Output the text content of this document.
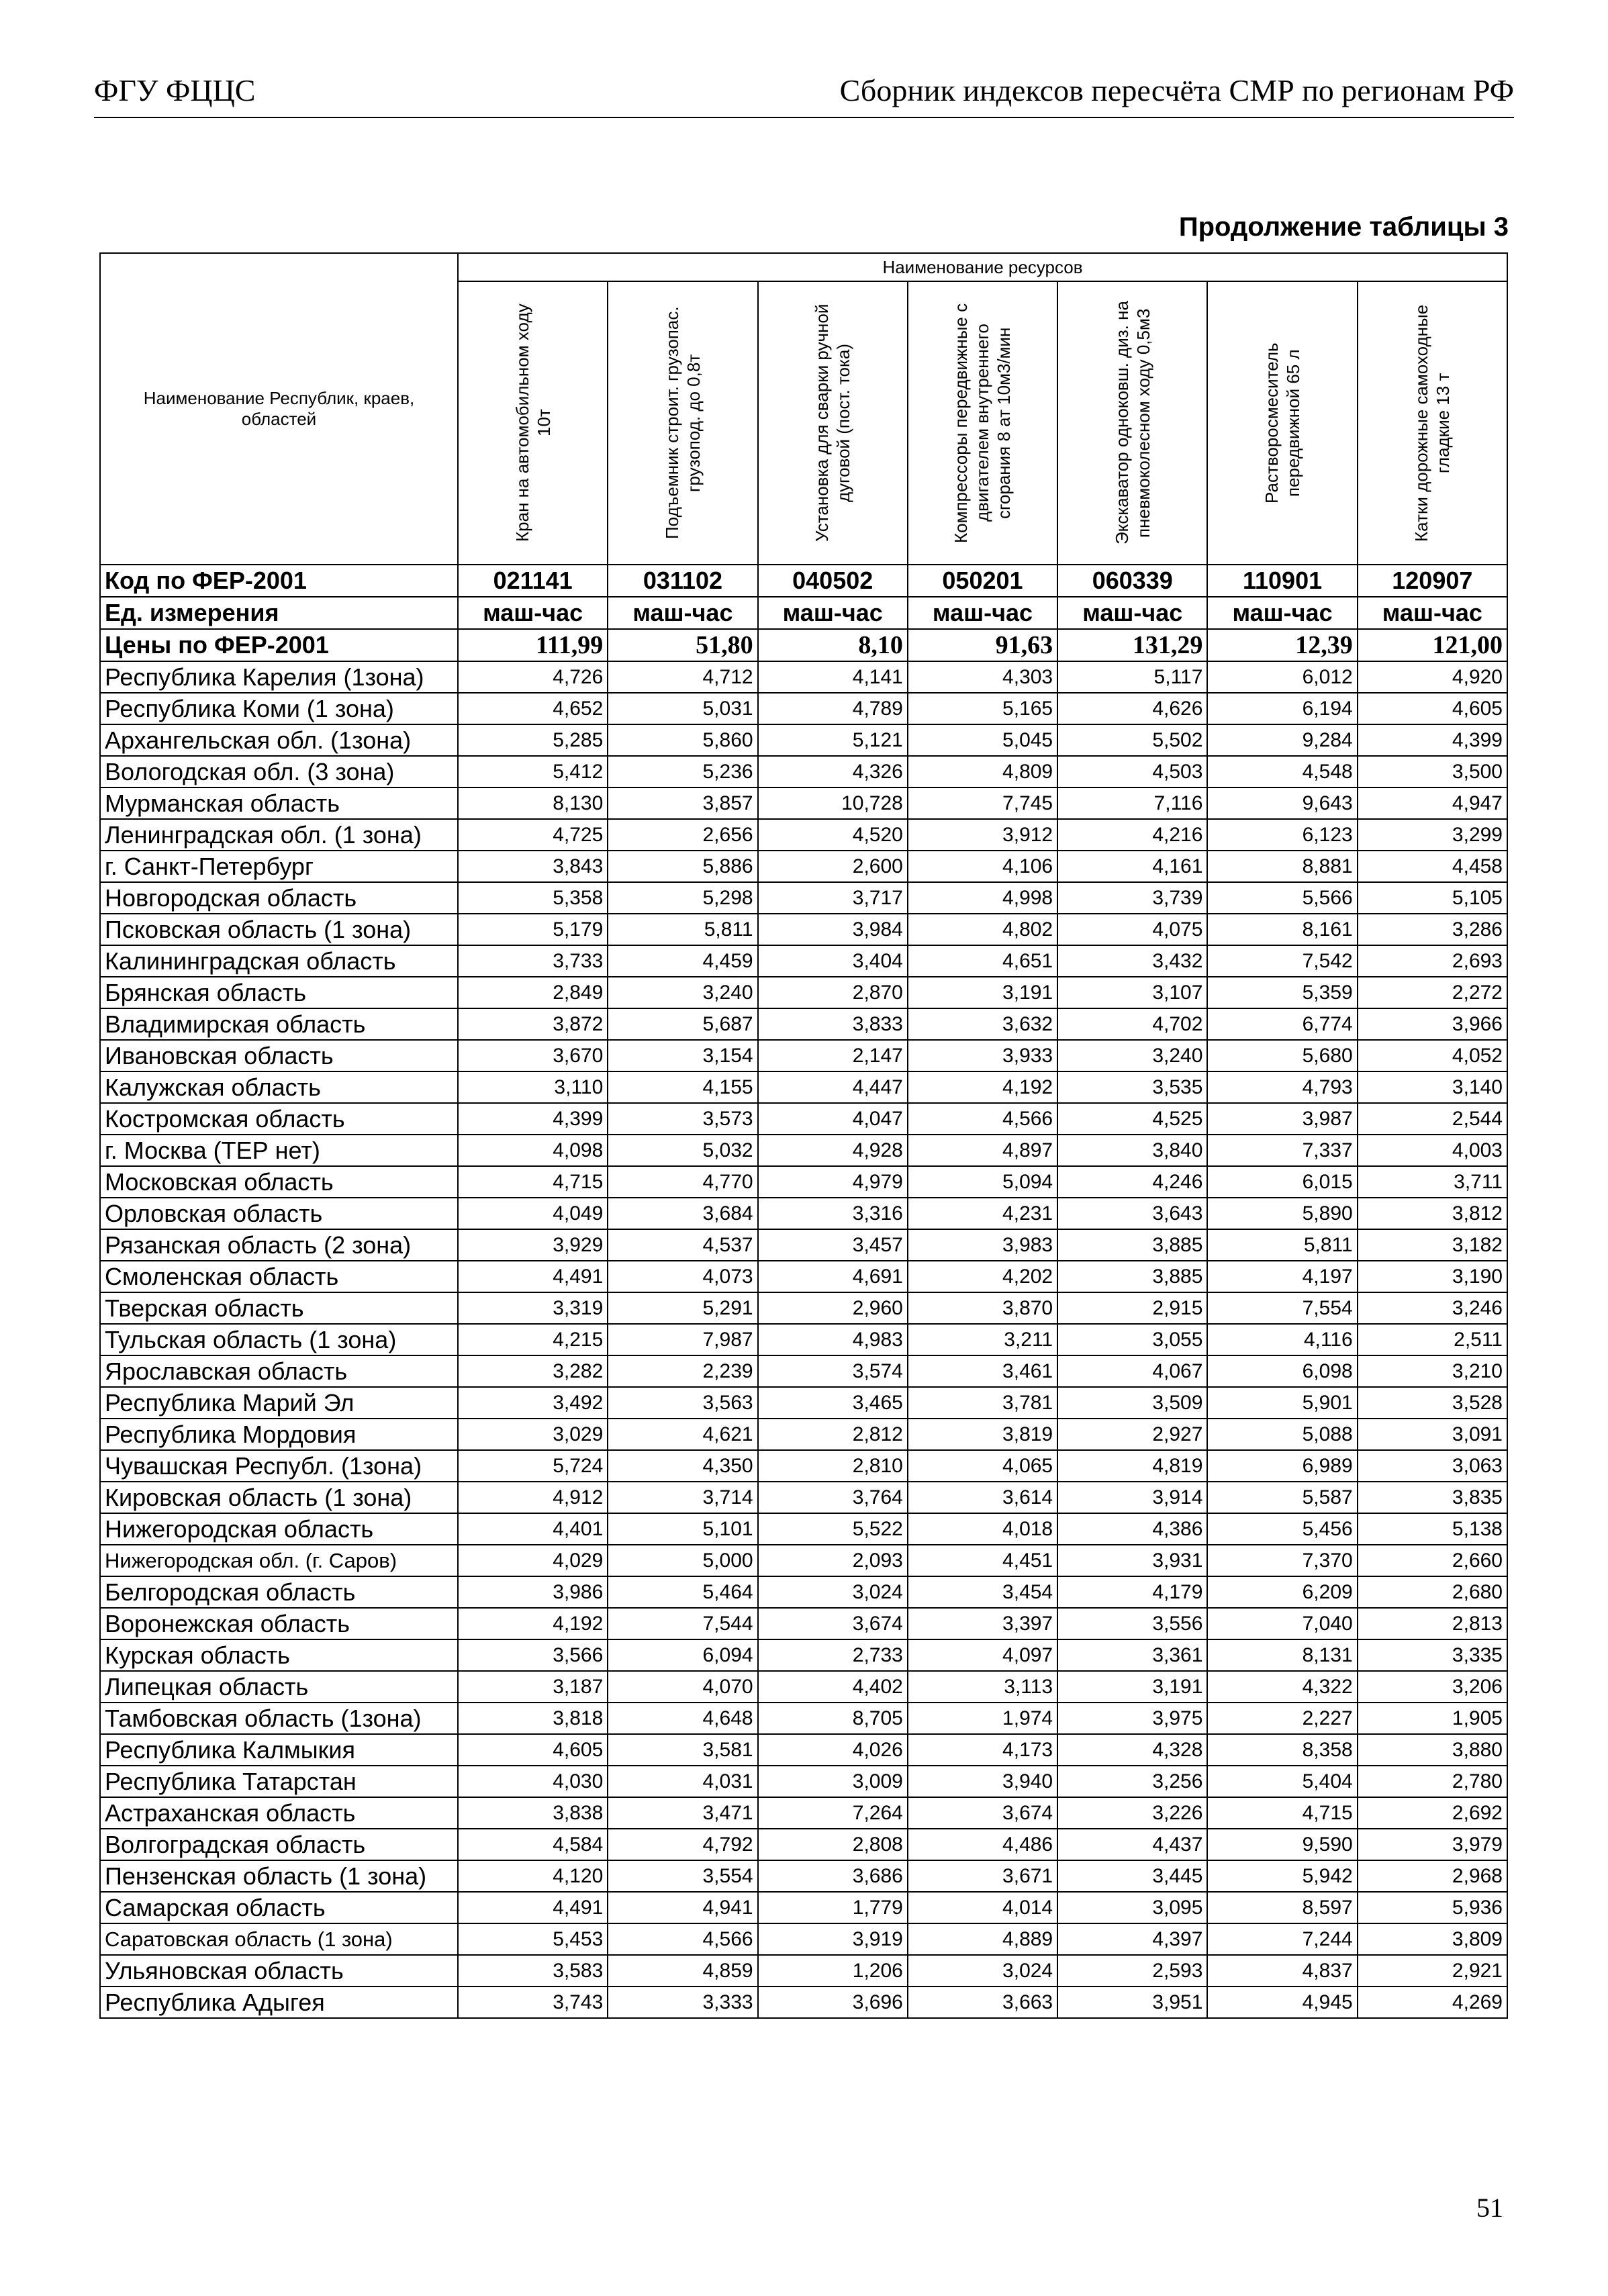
ФГУ ФЦЦС	Сборник индексов пересчёта СМР по регионам РФ
Продолжение таблицы 3
Наименование Республик, краев, областей	Наименование ресурсов						

	Кран на автомобильном ходу 10т	Подъемник строит. грузопас. грузопод. до 0,8т	Установка для сварки ручной дуговой (пост. тока)	Компрессоры передвижные с двигателем внутреннего сгорания 8 ат 10м3/мин	Экскаватор одноковш. диз. на пневмоколесном ходу 0,5м3	Растворосмеситель передвижной 65 л	Катки дорожные самоходные гладкие 13 т

Код по ФЕР-2001	021141	031102	040502	050201	060339	110901	120907
Ед. измерения	маш-час	маш-час	маш-час	маш-час	маш-час	маш-час	маш-час
Цены по ФЕР-2001	111,99	51,80	8,10	91,63	131,29	12,39	121,00
Республика Карелия (1зона)	4,726	4,712	4,141	4,303	5,117	6,012	4,920
Республика Коми (1 зона)	4,652	5,031	4,789	5,165	4,626	6,194	4,605
Архангельская обл. (1зона)	5,285	5,860	5,121	5,045	5,502	9,284	4,399
Вологодская обл. (3 зона)	5,412	5,236	4,326	4,809	4,503	4,548	3,500
Мурманская область	8,130	3,857	10,728	7,745	7,116	9,643	4,947
Ленинградская обл. (1 зона)	4,725	2,656	4,520	3,912	4,216	6,123	3,299
г. Санкт-Петербург	3,843	5,886	2,600	4,106	4,161	8,881	4,458
Новгородская область	5,358	5,298	3,717	4,998	3,739	5,566	5,105
Псковская область (1 зона)	5,179	5,811	3,984	4,802	4,075	8,161	3,286
Калининградская область	3,733	4,459	3,404	4,651	3,432	7,542	2,693
Брянская область	2,849	3,240	2,870	3,191	3,107	5,359	2,272
Владимирская область	3,872	5,687	3,833	3,632	4,702	6,774	3,966
Ивановская область	3,670	3,154	2,147	3,933	3,240	5,680	4,052
Калужская область	3,110	4,155	4,447	4,192	3,535	4,793	3,140
Костромская область	4,399	3,573	4,047	4,566	4,525	3,987	2,544
г. Москва (ТЕР нет)	4,098	5,032	4,928	4,897	3,840	7,337	4,003
Московская область	4,715	4,770	4,979	5,094	4,246	6,015	3,711
Орловская область	4,049	3,684	3,316	4,231	3,643	5,890	3,812
Рязанская область (2 зона)	3,929	4,537	3,457	3,983	3,885	5,811	3,182
Смоленская область	4,491	4,073	4,691	4,202	3,885	4,197	3,190
Тверская область	3,319	5,291	2,960	3,870	2,915	7,554	3,246
Тульская область (1 зона)	4,215	7,987	4,983	3,211	3,055	4,116	2,511
Ярославская область	3,282	2,239	3,574	3,461	4,067	6,098	3,210
Республика Марий Эл	3,492	3,563	3,465	3,781	3,509	5,901	3,528
Республика Мордовия	3,029	4,621	2,812	3,819	2,927	5,088	3,091
Чувашская Республ. (1зона)	5,724	4,350	2,810	4,065	4,819	6,989	3,063
Кировская область (1 зона)	4,912	3,714	3,764	3,614	3,914	5,587	3,835
Нижегородская область	4,401	5,101	5,522	4,018	4,386	5,456	5,138
Нижегородская обл. (г. Саров)	4,029	5,000	2,093	4,451	3,931	7,370	2,660
Белгородская область	3,986	5,464	3,024	3,454	4,179	6,209	2,680
Воронежская область	4,192	7,544	3,674	3,397	3,556	7,040	2,813
Курская область	3,566	6,094	2,733	4,097	3,361	8,131	3,335
Липецкая область	3,187	4,070	4,402	3,113	3,191	4,322	3,206
Тамбовская область (1зона)	3,818	4,648	8,705	1,974	3,975	2,227	1,905
Республика Калмыкия	4,605	3,581	4,026	4,173	4,328	8,358	3,880
Республика Татарстан	4,030	4,031	3,009	3,940	3,256	5,404	2,780
Астраханская область	3,838	3,471	7,264	3,674	3,226	4,715	2,692
Волгоградская область	4,584	4,792	2,808	4,486	4,437	9,590	3,979
Пензенская область (1 зона)	4,120	3,554	3,686	3,671	3,445	5,942	2,968
Самарская область	4,491	4,941	1,779	4,014	3,095	8,597	5,936
Саратовская область (1 зона)	5,453	4,566	3,919	4,889	4,397	7,244	3,809
Ульяновская область	3,583	4,859	1,206	3,024	2,593	4,837	2,921
Республика Адыгея	3,743	3,333	3,696	3,663	3,951	4,945	4,269
51
